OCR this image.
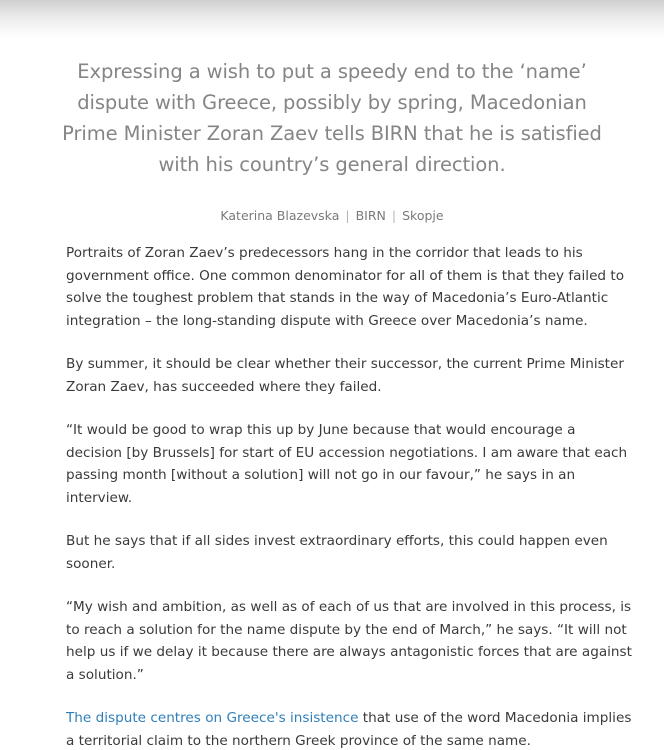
Expressing a wish to put a speedy end to the ‘name’ dispute with Greece, possibly by spring, Macedonian Prime Minister Zoran Zaev tells BIRN that he is satisfied with his country’s general direction.
Katerina Blazevska | BIRN | Skopje

Portraits of Zoran Zaev’s predecessors hang in the corridor that leads to his government office. One common denominator for all of them is that they failed to solve the toughest problem that stands in the way of Macedonia’s Euro-Atlantic integration – the long-standing dispute with Greece over Macedonia’s name.

By summer, it should be clear whether their successor, the current Prime Minister Zoran Zaev, has succeeded where they failed.

“It would be good to wrap this up by June because that would encourage a decision [by Brussels] for start of EU accession negotiations. I am aware that each passing month [without a solution] will not go in our favour,” he says in an interview.

But he says that if all sides invest extraordinary efforts, this could happen even sooner.

“My wish and ambition, as well as of each of us that are involved in this process, is to reach a solution for the name dispute by the end of March,” he says. “It will not help us if we delay it because there are always antagonistic forces that are against a solution.”

The dispute centres on Greece's insistence that use of the word Macedonia implies a territorial claim to the northern Greek province of the same name.
